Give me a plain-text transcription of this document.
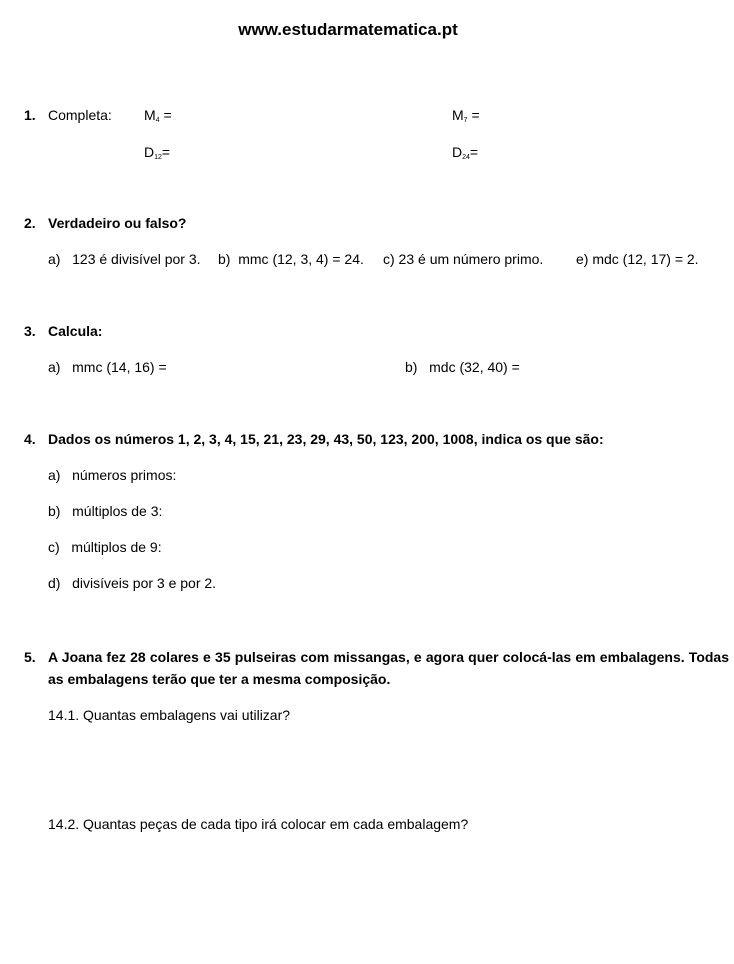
www.estudarmatematica.pt
1. Completa: $M_4$ =	$M_7$ =
$D_{12}=$	$D_{24}=$
2. Verdadeiro ou falso?
a)   123 é divisível por 3. b)  mmc (12, 3, 4) = 24. c) 23 é um número primo. e) mdc (12, 17) = 2.
3. Calcula:
a)   mmc (14, 16) =	b)   mdc (32, 40) =
4. Dados os números 1, 2, 3, 4, 15, 21, 23, 29, 43, 50, 123, 200, 1008, indica os que são:
a)   números primos:
b)   múltiplos de 3:
c)   múltiplos de 9:
d)   divisíveis por 3 e por 2.
5. A Joana fez 28 colares e 35 pulseiras com missangas, e agora quer colocá-las em embalagens. Todas as embalagens terão que ter a mesma composição.
14.1. Quantas embalagens vai utilizar?
14.2. Quantas peças de cada tipo irá colocar em cada embalagem?
